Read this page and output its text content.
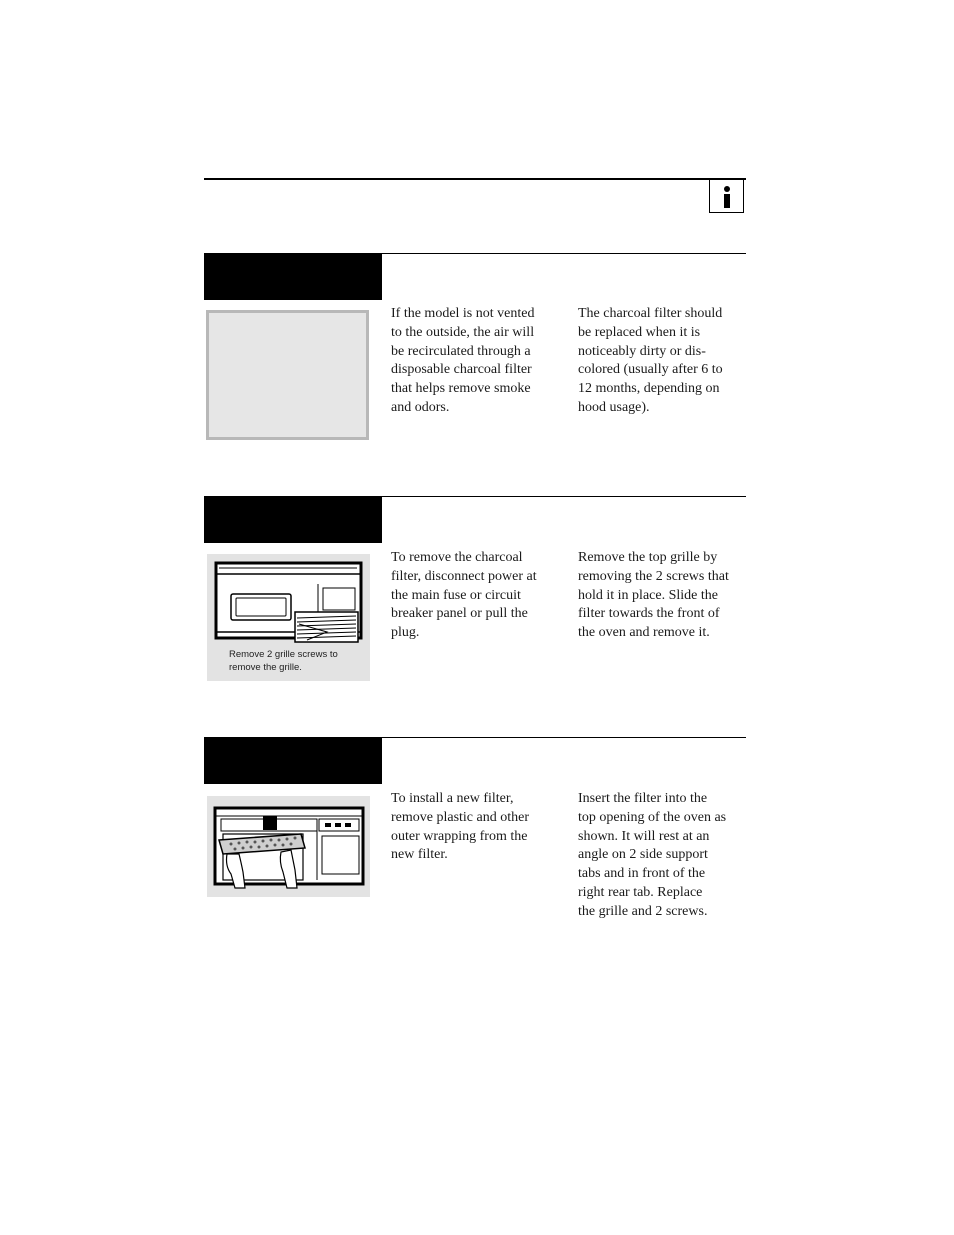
If the model is not vented
to the outside, the air will
be recirculated through a
disposable charcoal filter
that helps remove smoke
and odors.
The charcoal filter should
be replaced when it is
noticeably dirty or dis-
colored (usually after 6 to
12 months, depending on
hood usage).
Remove 2 grille screws to
remove the grille.
To remove the charcoal
filter, disconnect power at
the main fuse or circuit
breaker panel or pull the
plug.
Remove the top grille by
removing the 2 screws that
hold it in place. Slide the
filter towards the front of
the oven and remove it.
To install a new filter,
remove plastic and other
outer wrapping from the
new filter.
Insert the filter into the
top opening of the oven as
shown. It will rest at an
angle on 2 side support
tabs and in front of the
right rear tab. Replace
the grille and 2 screws.
